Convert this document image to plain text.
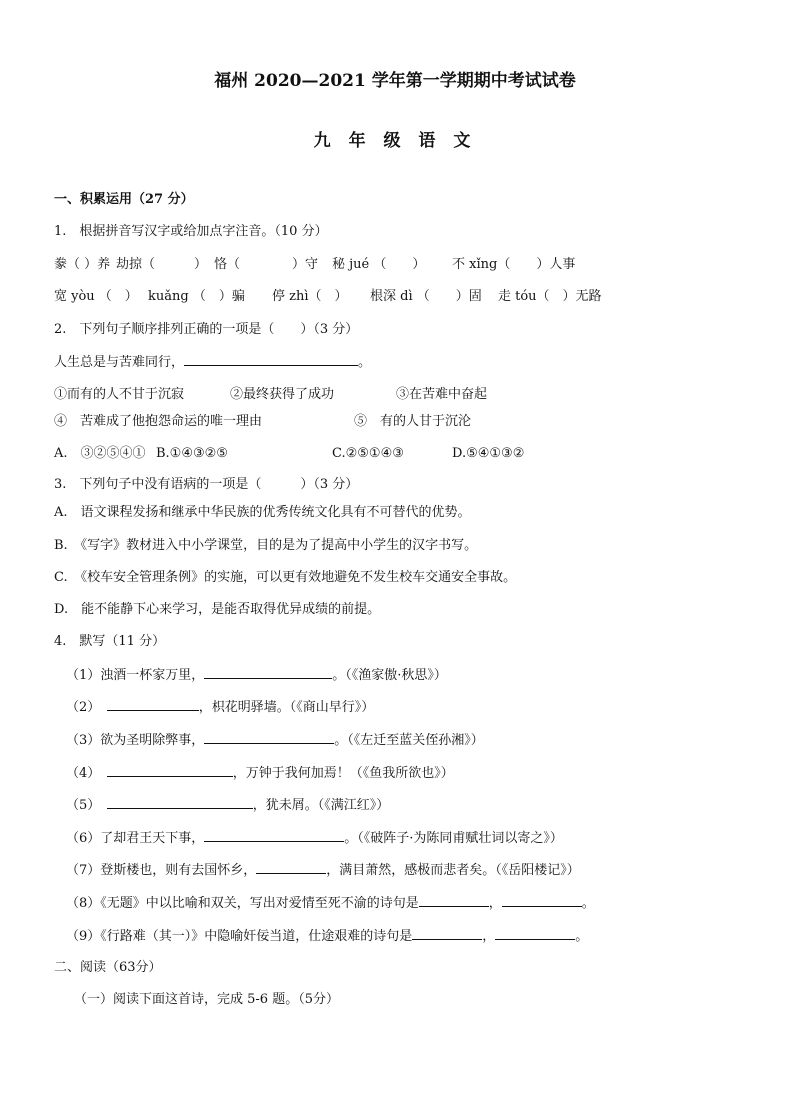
福州 2020—2021 学年第一学期期中考试试卷
九 年 级 语 文
一、积累运用（27 分）
1.　根据拼音写汉字或给加点字注音。（10 分）
豢（ ）养 劫掠（　　　） 恪（　　　　）守 秘 jué （　　） 不 xǐng（　　）人事
宽 yòu （　） kuǎng （　）骗 停 zhì（　） 根深 dì （　　）固 走 tóu（　）无路
2.　下列句子顺序排列正确的一项是（　　）（3 分）
人生总是与苦难同行，	。
①而有的人不甘于沉寂	②最终获得了成功	③在苦难中奋起
④　苦难成了他抱怨命运的唯一理由	⑤　有的人甘于沉沦
A.　③②⑤④① B.①④③②⑤	C.②⑤①④③	D.⑤④①③②
3.　下列句子中没有语病的一项是（　　　）（3 分）
A.　语文课程发扬和继承中华民族的优秀传统文化具有不可替代的优势。
B.　《写字》教材进入中小学课堂，目的是为了提高中小学生的汉字书写。
C.　《校车安全管理条例》的实施，可以更有效地避免不发生校车交通安全事故。
D.　能不能静下心来学习，是能否取得优异成绩的前提。
4.　默写（11 分）
（1）浊酒一杯家万里，	。（《渔家傲·秋思》）
（2）　	，枳花明驿墙。（《商山早行》）
（3）欲为圣明除弊事，	。（《左迁至蓝关侄孙湘》）
（4）　	，万钟于我何加焉！（《鱼我所欲也》）
（5）　	，犹未屑。（《满江红》）
（6）了却君王天下事，	。（《破阵子·为陈同甫赋壮词以寄之》）
（7）登斯楼也，则有去国怀乡，	，满目萧然，感极而悲者矣。（《岳阳楼记》）
（8）《无题》中以比喻和双关，写出对爱情至死不渝的诗句是	，	。
（9）《行路难（其一）》中隐喻奸佞当道，仕途艰难的诗句是	，	。
二、阅读（63分）
（一）阅读下面这首诗，完成 5-6 题。（5分）
